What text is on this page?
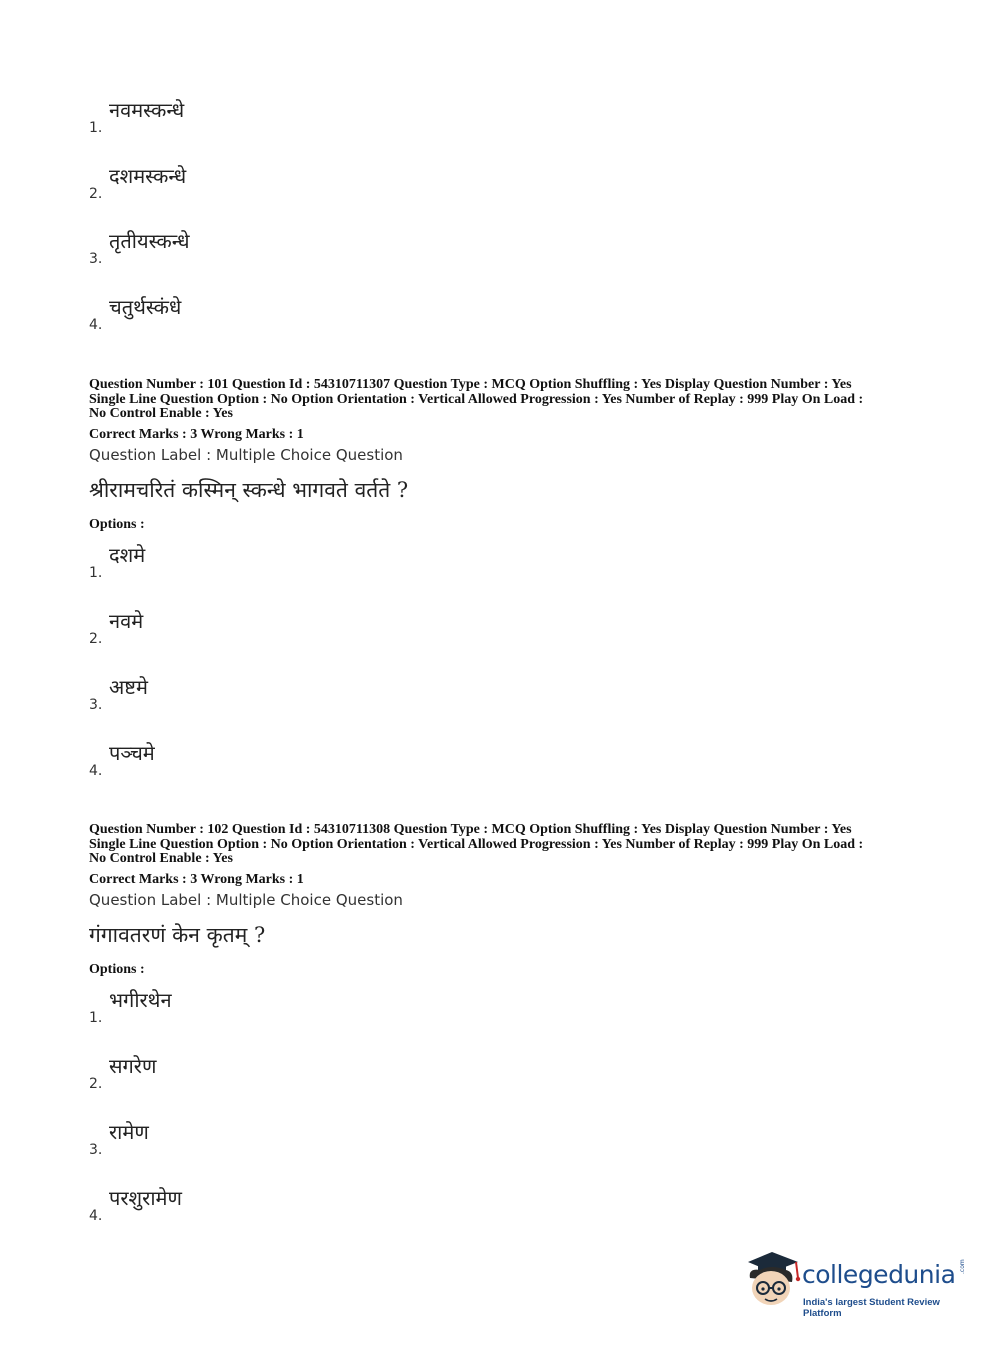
नवमस्कन्धे
1.
दशमस्कन्धे
2.
तृतीयस्कन्धे
3.
चतुर्थस्कंधे
4.
Question Number : 101 Question Id : 54310711307 Question Type : MCQ Option Shuffling : Yes Display Question Number : Yes
Single Line Question Option : No Option Orientation : Vertical Allowed Progression : Yes Number of Replay : 999 Play On Load :
No Control Enable : Yes
Correct Marks : 3 Wrong Marks : 1
Question Label : Multiple Choice Question
श्रीरामचरितं कस्मिन् स्कन्धे भागवते वर्तते ?
Options :
दशमे
1.
नवमे
2.
अष्टमे
3.
पञ्चमे
4.
Question Number : 102 Question Id : 54310711308 Question Type : MCQ Option Shuffling : Yes Display Question Number : Yes
Single Line Question Option : No Option Orientation : Vertical Allowed Progression : Yes Number of Replay : 999 Play On Load :
No Control Enable : Yes
Correct Marks : 3 Wrong Marks : 1
Question Label : Multiple Choice Question
गंगावतरणं केन कृतम् ?
Options :
भगीरथेन
1.
सगरेण
2.
रामेण
3.
परशुरामेण
4.
collegedunia .com
India's largest Student Review Platform
